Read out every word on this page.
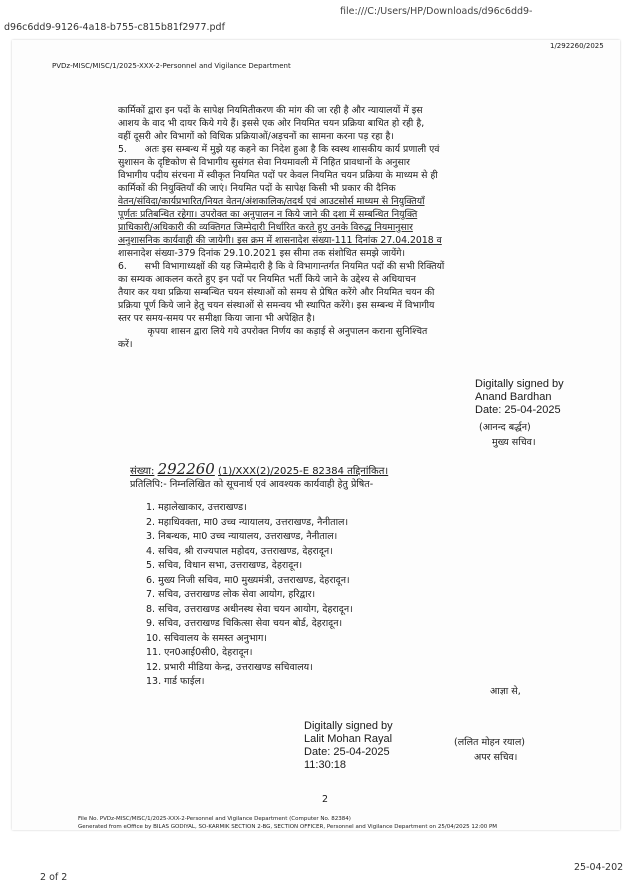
file:///C:/Users/HP/Downloads/d96c6dd9-
d96c6dd9-9126-4a18-b755-c815b81f2977.pdf
PVDz-MISC/MISC/1/2025-XXX-2-Personnel and Vigilance Department
1/292260/2025
कार्मिकों द्वारा इन पदों के सापेक्ष नियमितीकरण की मांग की जा रही है और न्यायालयों में इस
आशय के वाद भी दायर किये गये हैं। इससे एक ओर नियमित चयन प्रक्रिया बाधित हो रही है,
वहीं दूसरी ओर विभागों को विधिक प्रक्रियाओं/अड़चनों का सामना करना पड़ रहा है।
5.      अतः इस सम्बन्ध में मुझे यह कहने का निदेश हुआ है कि स्वस्थ शासकीय कार्य प्रणाली एवं
सुशासन के दृष्टिकोण से विभागीय सुसंगत सेवा नियमावली में निहित प्रावधानों के अनुसार
विभागीय पदीय संरचना में स्वीकृत नियमित पदों पर केवल नियमित चयन प्रक्रिया के माध्यम से ही
कार्मिकों की नियुक्तियाँ की जाएं। नियमित पदों के सापेक्ष किसी भी प्रकार की दैनिक
वेतन/संविदा/कार्यप्रभारित/नियत वेतन/अंशकालिक/तदर्थ एवं आउटसोर्स माध्यम से नियुक्तियाँ
पूर्णतः प्रतिबन्धित रहेगा। उपरोक्त का अनुपालन न किये जाने की दशा में सम्बन्धित नियुक्ति
प्राधिकारी/अधिकारी की व्यक्तिगत जिम्मेदारी निर्धारित करते हुए उनके विरुद्ध नियमानुसार
अनुशासनिक कार्यवाही की जायेगी। इस क्रम में शासनादेश संख्या-111 दिनांक 27.04.2018 व
शासनादेश संख्या-379 दिनांक 29.10.2021 इस सीमा तक संशोधित समझे जायेंगे।
6.      सभी विभागाध्यक्षों की यह जिम्मेदारी है कि वे विभागान्तर्गत नियमित पदों की सभी रिक्तियों
का सम्यक आकलन करते हुए इन पदों पर नियमित भर्ती किये जाने के उद्देश्य से अधियाचन
तैयार कर यथा प्रक्रिया सम्बन्धित चयन संस्थाओं को समय से प्रेषित करेंगे और नियमित चयन की
प्रक्रिया पूर्ण किये जाने हेतु चयन संस्थाओं से समन्वय भी स्थापित करेंगे। इस सम्बन्ध में विभागीय
स्तर पर समय-समय पर समीक्षा किया जाना भी अपेक्षित है।
कृपया शासन द्वारा लिये गये उपरोक्त निर्णय का कड़ाई से अनुपालन कराना सुनिश्चित
करें।
Digitally signed by
Anand Bardhan
Date: 25-04-2025
(आनन्द बर्द्धन)
मुख्य सचिव।
संख्या: 292260 (1)/XXX(2)/2025-E 82384 तद्दिनांकित।
प्रतिलिपि:- निम्नलिखित को सूचनार्थ एवं आवश्यक कार्यवाही हेतु प्रेषित-
1. महालेखाकार, उत्तराखण्ड।
2. महाधिवक्ता, मा0 उच्च न्यायालय, उत्तराखण्ड, नैनीताल।
3. निबन्धक, मा0 उच्च न्यायालय, उत्तराखण्ड, नैनीताल।
4. सचिव, श्री राज्यपाल महोदय, उत्तराखण्ड, देहरादून।
5. सचिव, विधान सभा, उत्तराखण्ड, देहरादून।
6. मुख्य निजी सचिव, मा0 मुख्यमंत्री, उत्तराखण्ड, देहरादून।
7. सचिव, उत्तराखण्ड लोक सेवा आयोग, हरिद्वार।
8. सचिव, उत्तराखण्ड अधीनस्थ सेवा चयन आयोग, देहरादून।
9. सचिव, उत्तराखण्ड चिकित्सा सेवा चयन बोर्ड, देहरादून।
10. सचिवालय के समस्त अनुभाग।
11. एन0आई0सी0, देहरादून।
12. प्रभारी मीडिया केन्द्र, उत्तराखण्ड सचिवालय।
13. गार्ड फाईल।
आज्ञा से,
Digitally signed by
Lalit Mohan Rayal
Date: 25-04-2025
11:30:18
(ललित मोहन रयाल)
अपर सचिव।
2
File No. PVDz-MISC/MISC/1/2025-XXX-2-Personnel and Vigilance Department (Computer No. 82384)
Generated from eOffice by BILAS GODIYAL, SO-KARMIK SECTION 2-BG, SECTION OFFICER, Personnel and Vigilance Department on 25/04/2025 12:00 PM
2 of 2
25-04-202
